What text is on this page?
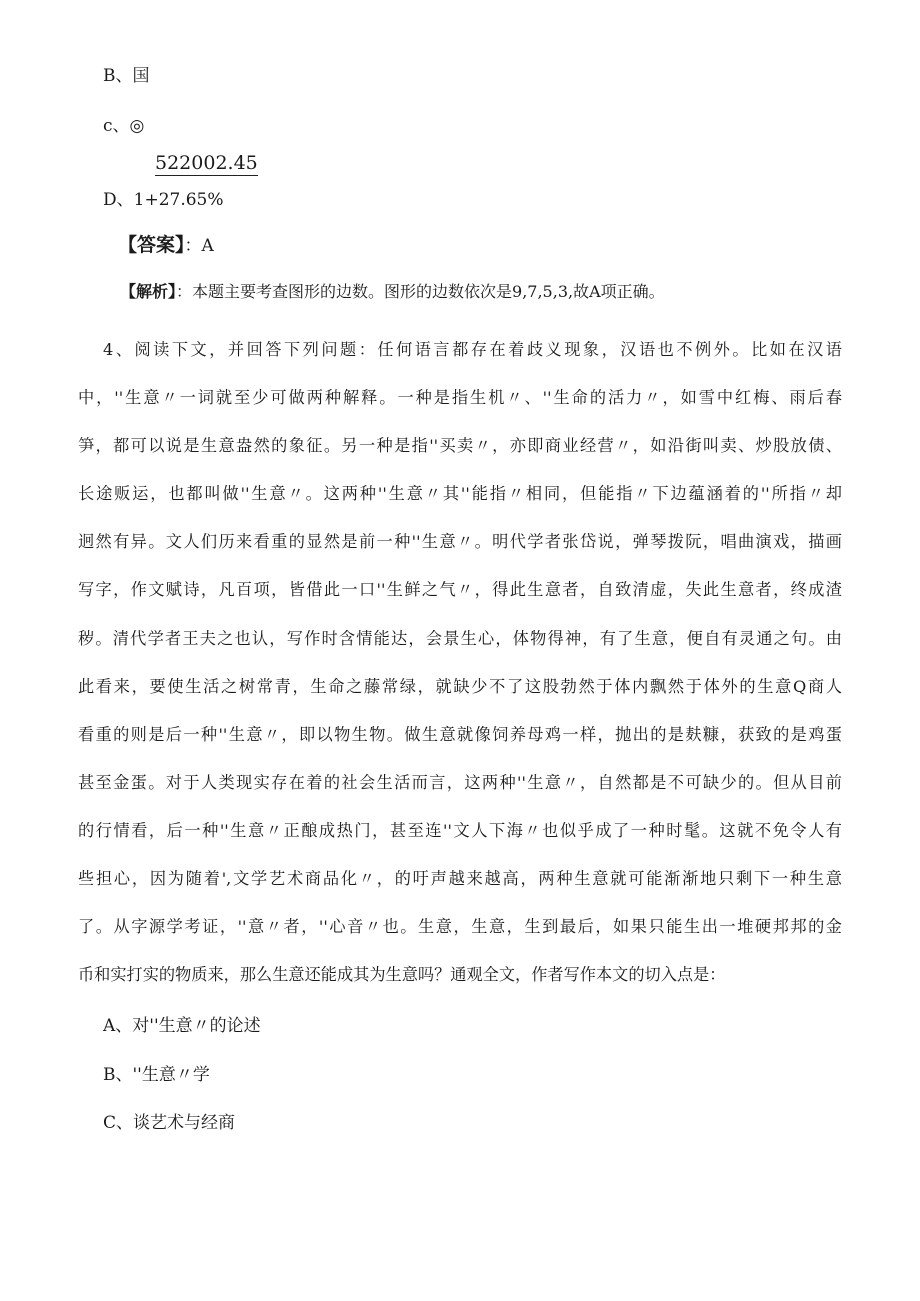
B、国
c、◎
522002.45
D、1+27.65%
【答案】：A
【解析】：本题主要考查图形的边数。图形的边数依次是9,7,5,3,故A项正确。
4、阅读下文，并回答下列问题：任何语言都存在着歧义现象，汉语也不例外。比如在汉语
中，''生意〃一词就至少可做两种解释。一种是指生机〃、''生命的活力〃，如雪中红梅、雨后春
笋，都可以说是生意盎然的象征。另一种是指''买卖〃，亦即商业经营〃，如沿街叫卖、炒股放债、
长途贩运，也都叫做''生意〃。这两种''生意〃其''能指〃相同，但能指〃下边蕴涵着的''所指〃却
迥然有异。文人们历来看重的显然是前一种''生意〃。明代学者张岱说，弹琴拨阮，唱曲演戏，描画
写字，作文赋诗，凡百项，皆借此一口''生鲜之气〃，得此生意者，自致清虚，失此生意者，终成渣
秽。清代学者王夫之也认，写作时含情能达，会景生心，体物得神，有了生意，便自有灵通之句。由
此看来，要使生活之树常青，生命之藤常绿，就缺少不了这股勃然于体内飘然于体外的生意Q商人
看重的则是后一种''生意〃，即以物生物。做生意就像饲养母鸡一样，抛出的是麸糠，获致的是鸡蛋
甚至金蛋。对于人类现实存在着的社会生活而言，这两种''生意〃，自然都是不可缺少的。但从目前
的行情看，后一种''生意〃正酿成热门，甚至连''文人下海〃也似乎成了一种时髦。这就不免令人有
些担心，因为随着',文学艺术商品化〃，的吁声越来越高，两种生意就可能渐渐地只剩下一种生意
了。从字源学考证，''意〃者，''心音〃也。生意，生意，生到最后，如果只能生出一堆硬邦邦的金
币和实打实的物质来，那么生意还能成其为生意吗？通观全文，作者写作本文的切入点是：
A、对''生意〃的论述
B、''生意〃学
C、谈艺术与经商
